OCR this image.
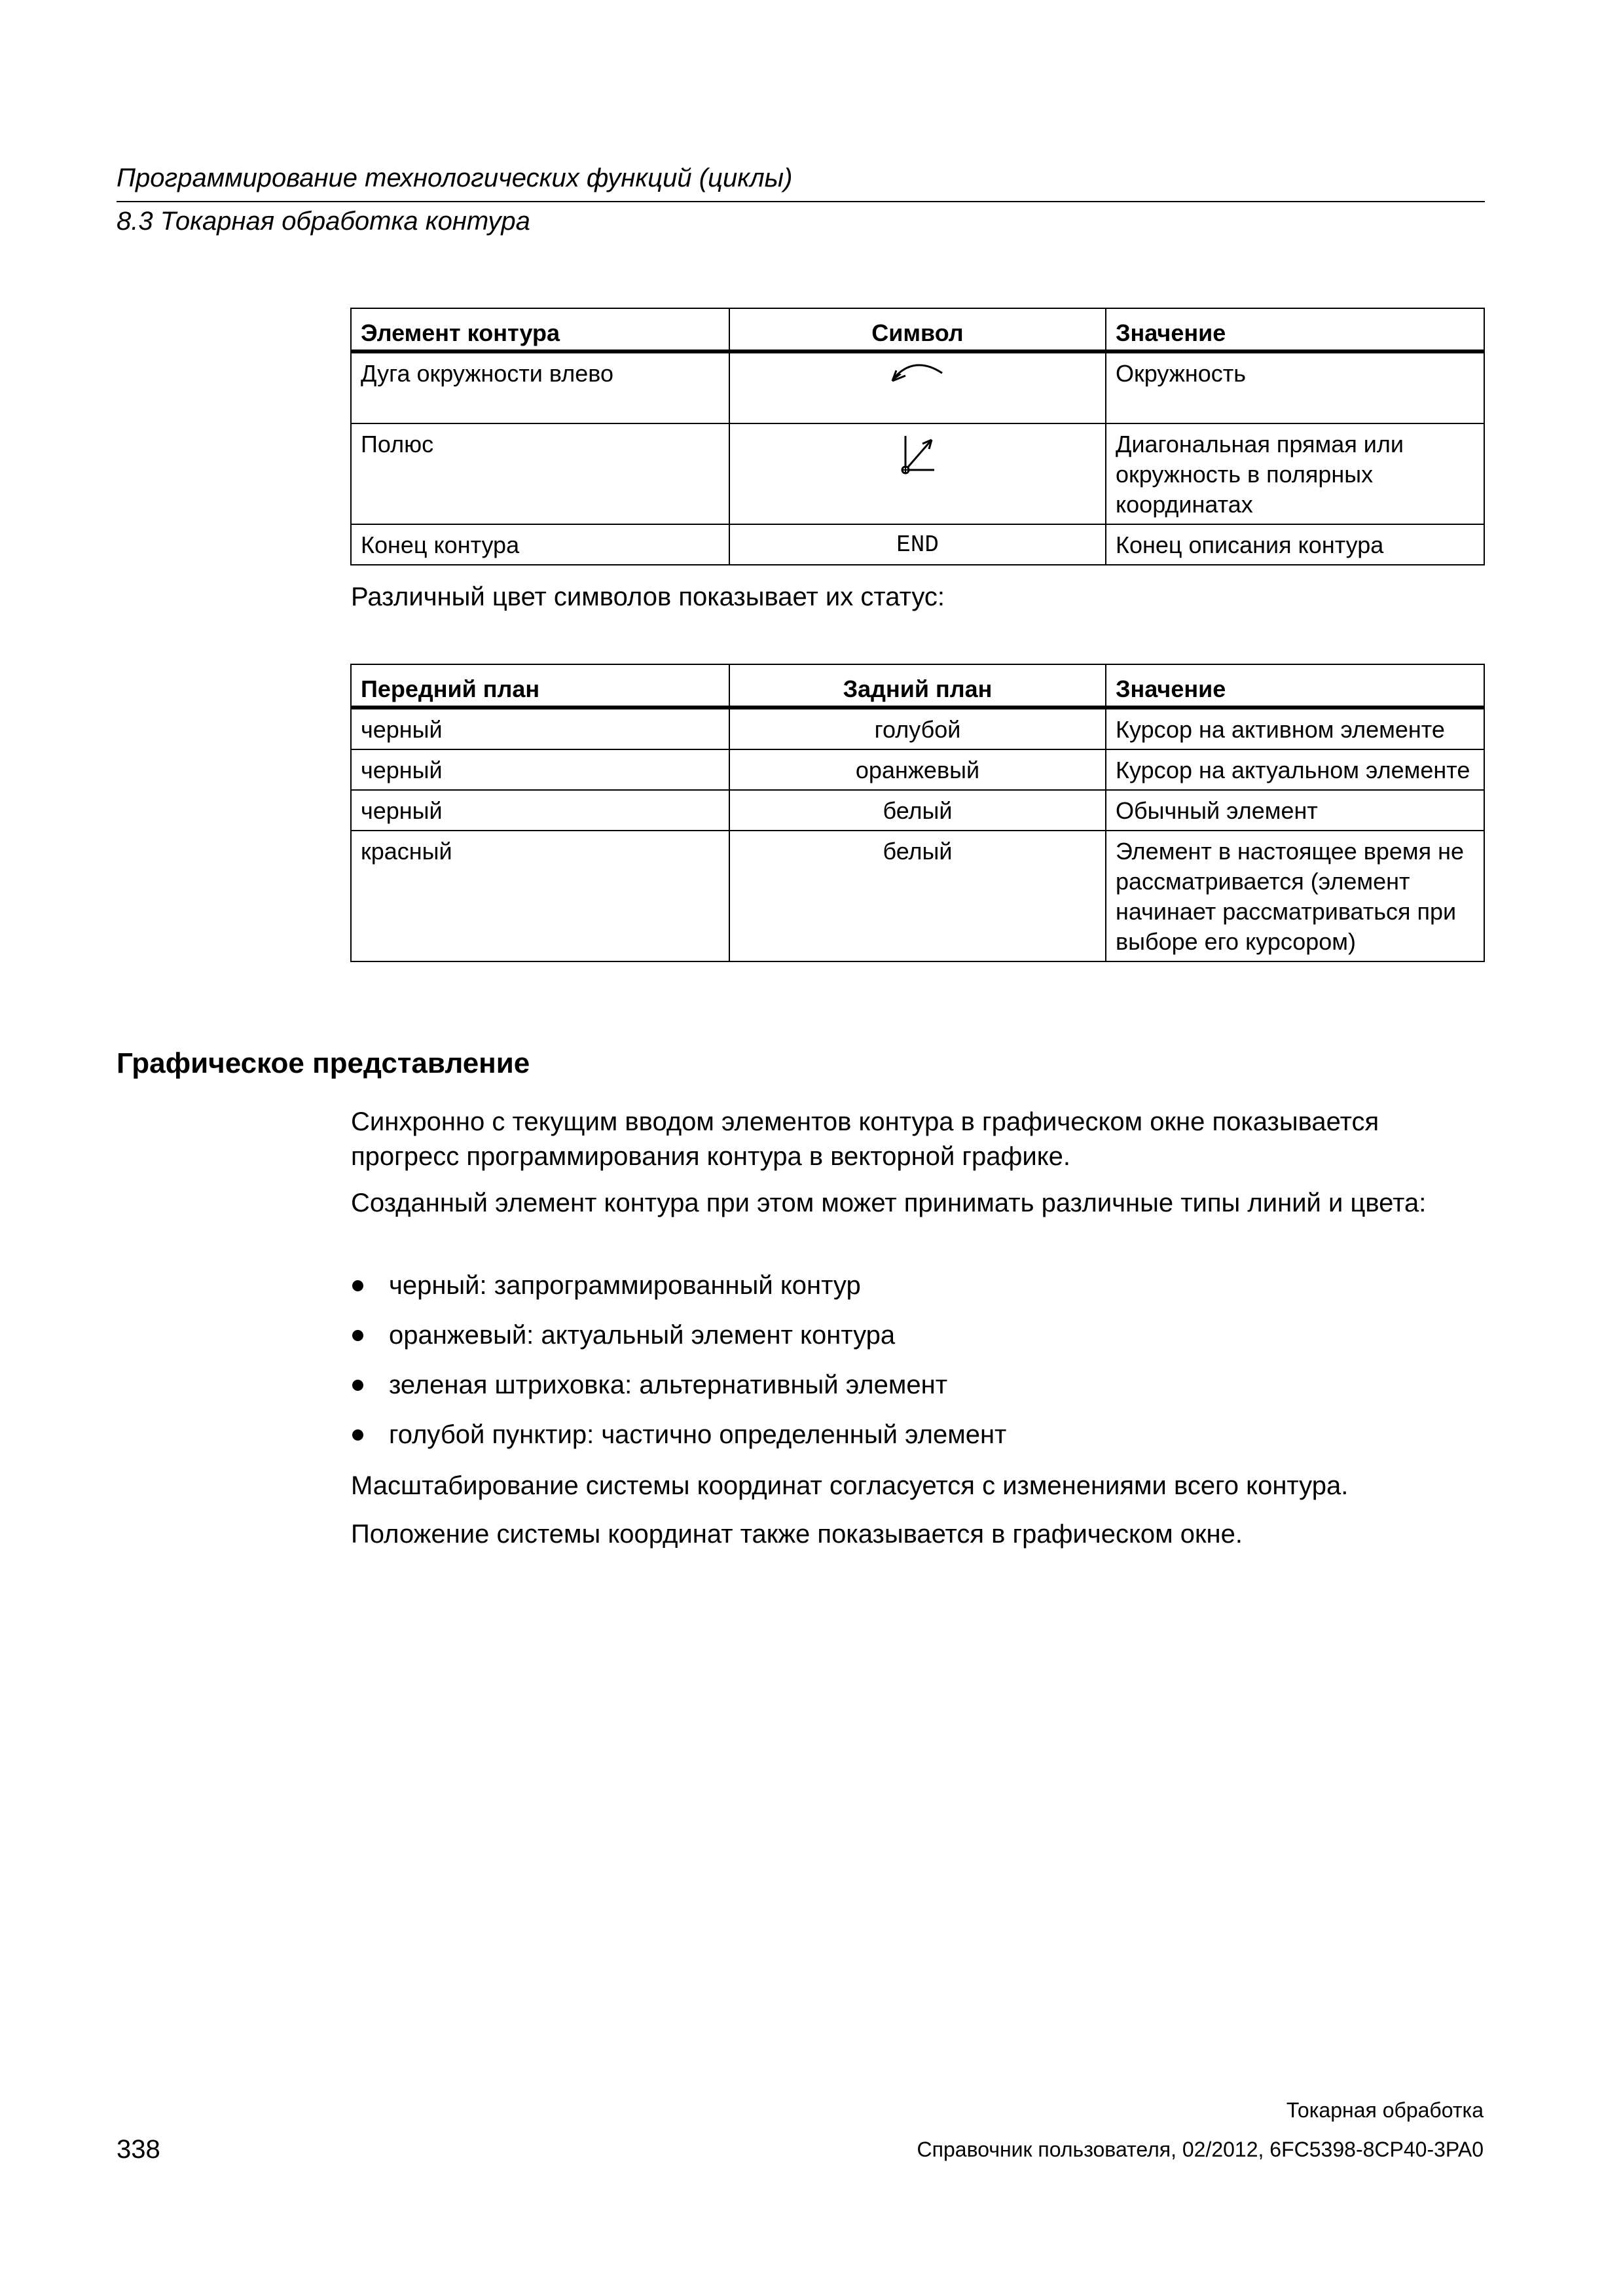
Программирование технологических функций (циклы)
8.3 Токарная обработка контура
Элемент контура	Символ	Значение
Дуга окружности влево		Окружность
Полюс		Диагональная прямая или окружность в полярных координатах
Конец контура	END	Конец описания контура
Различный цвет символов показывает их статус:
Передний план	Задний план	Значение
черный	голубой	Курсор на активном элементе
черный	оранжевый	Курсор на актуальном элементе
черный	белый	Обычный элемент
красный	белый	Элемент в настоящее время не рассматривается (элемент начинает рассматриваться при выборе его курсором)
Графическое представление

Синхронно с текущим вводом элементов контура в графическом окне показывается прогресс программирования контура в векторной графике.

Созданный элемент контура при этом может принимать различные типы линий и цвета:

черный: запрограммированный контур
оранжевый: актуальный элемент контура
зеленая штриховка: альтернативный элемент
голубой пунктир: частично определенный элемент

Масштабирование системы координат согласуется с изменениями всего контура.

Положение системы координат также показывается в графическом окне.

Токарная обработка
338	Справочник пользователя, 02/2012, 6FC5398-8CP40-3PA0
